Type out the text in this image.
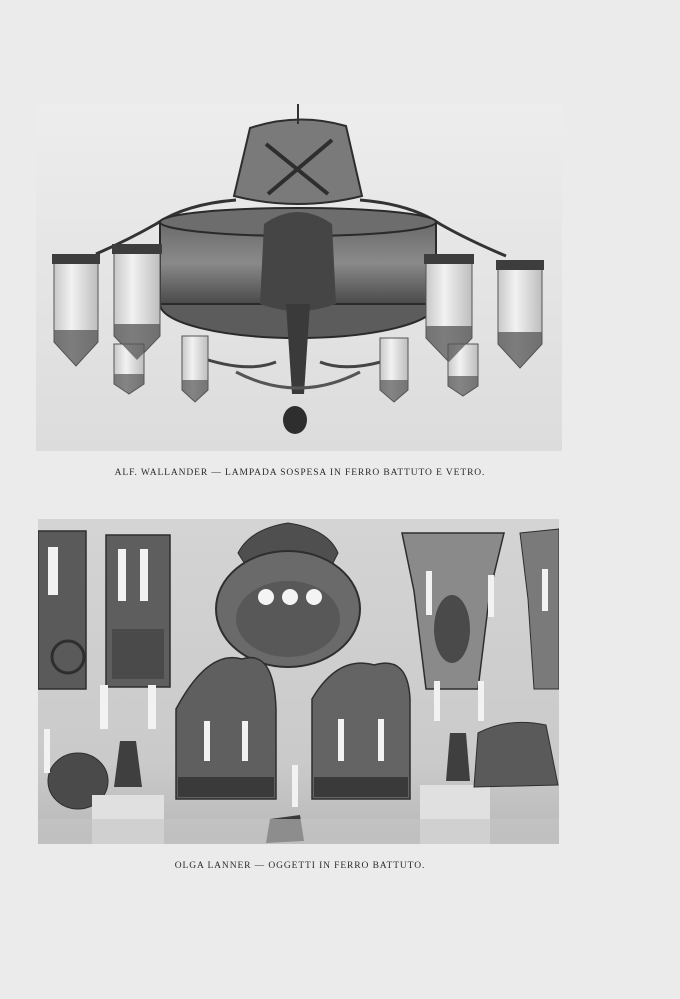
ALF. WALLANDER — LAMPADA SOSPESA IN FERRO BATTUTO E VETRO.
OLGA LANNER — OGGETTI IN FERRO BATTUTO.
